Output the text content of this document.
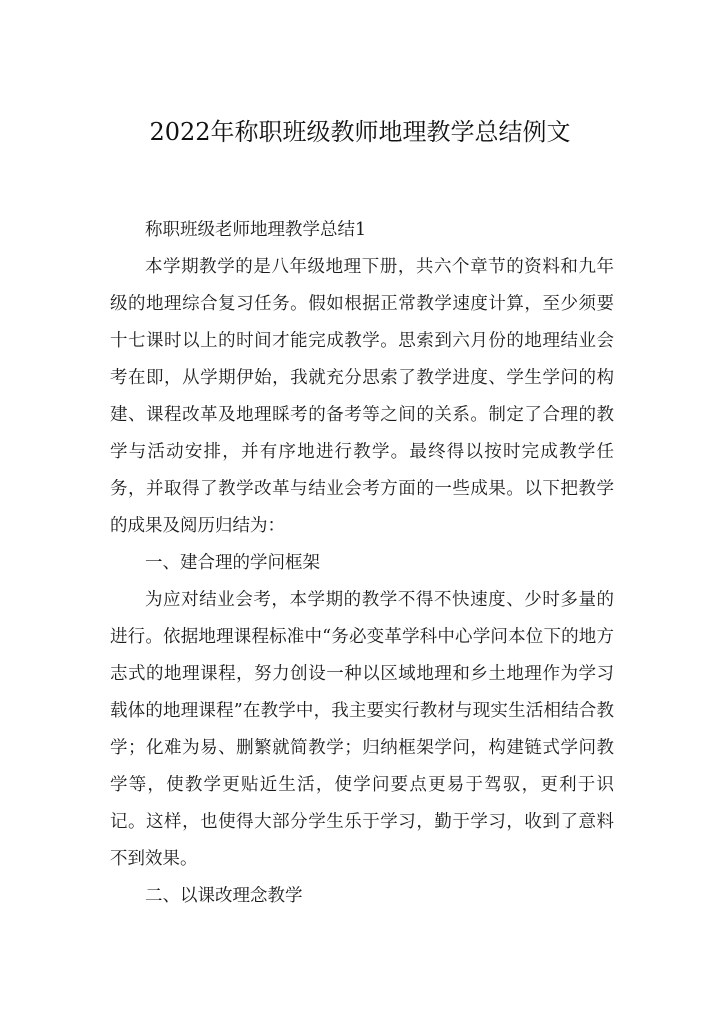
2022年称职班级教师地理教学总结例文

称职班级老师地理教学总结1

本学期教学的是八年级地理下册，共六个章节的资料和九年级的地理综合复习任务。假如根据正常教学速度计算，至少须要十七课时以上的时间才能完成教学。思索到六月份的地理结业会考在即，从学期伊始，我就充分思索了教学进度、学生学问的构建、课程改革及地理睬考的备考等之间的关系。制定了合理的教学与活动安排，并有序地进行教学。最终得以按时完成教学任务，并取得了教学改革与结业会考方面的一些成果。以下把教学的成果及阅历归结为：

一、建合理的学问框架

为应对结业会考，本学期的教学不得不快速度、少时多量的进行。依据地理课程标准中“务必变革学科中心学问本位下的地方志式的地理课程，努力创设一种以区域地理和乡土地理作为学习载体的地理课程”在教学中，我主要实行教材与现实生活相结合教学；化难为易、删繁就简教学；归纳框架学问，构建链式学问教学等，使教学更贴近生活，使学问要点更易于驾驭，更利于识记。这样，也使得大部分学生乐于学习，勤于学习，收到了意料不到效果。

二、以课改理念教学
